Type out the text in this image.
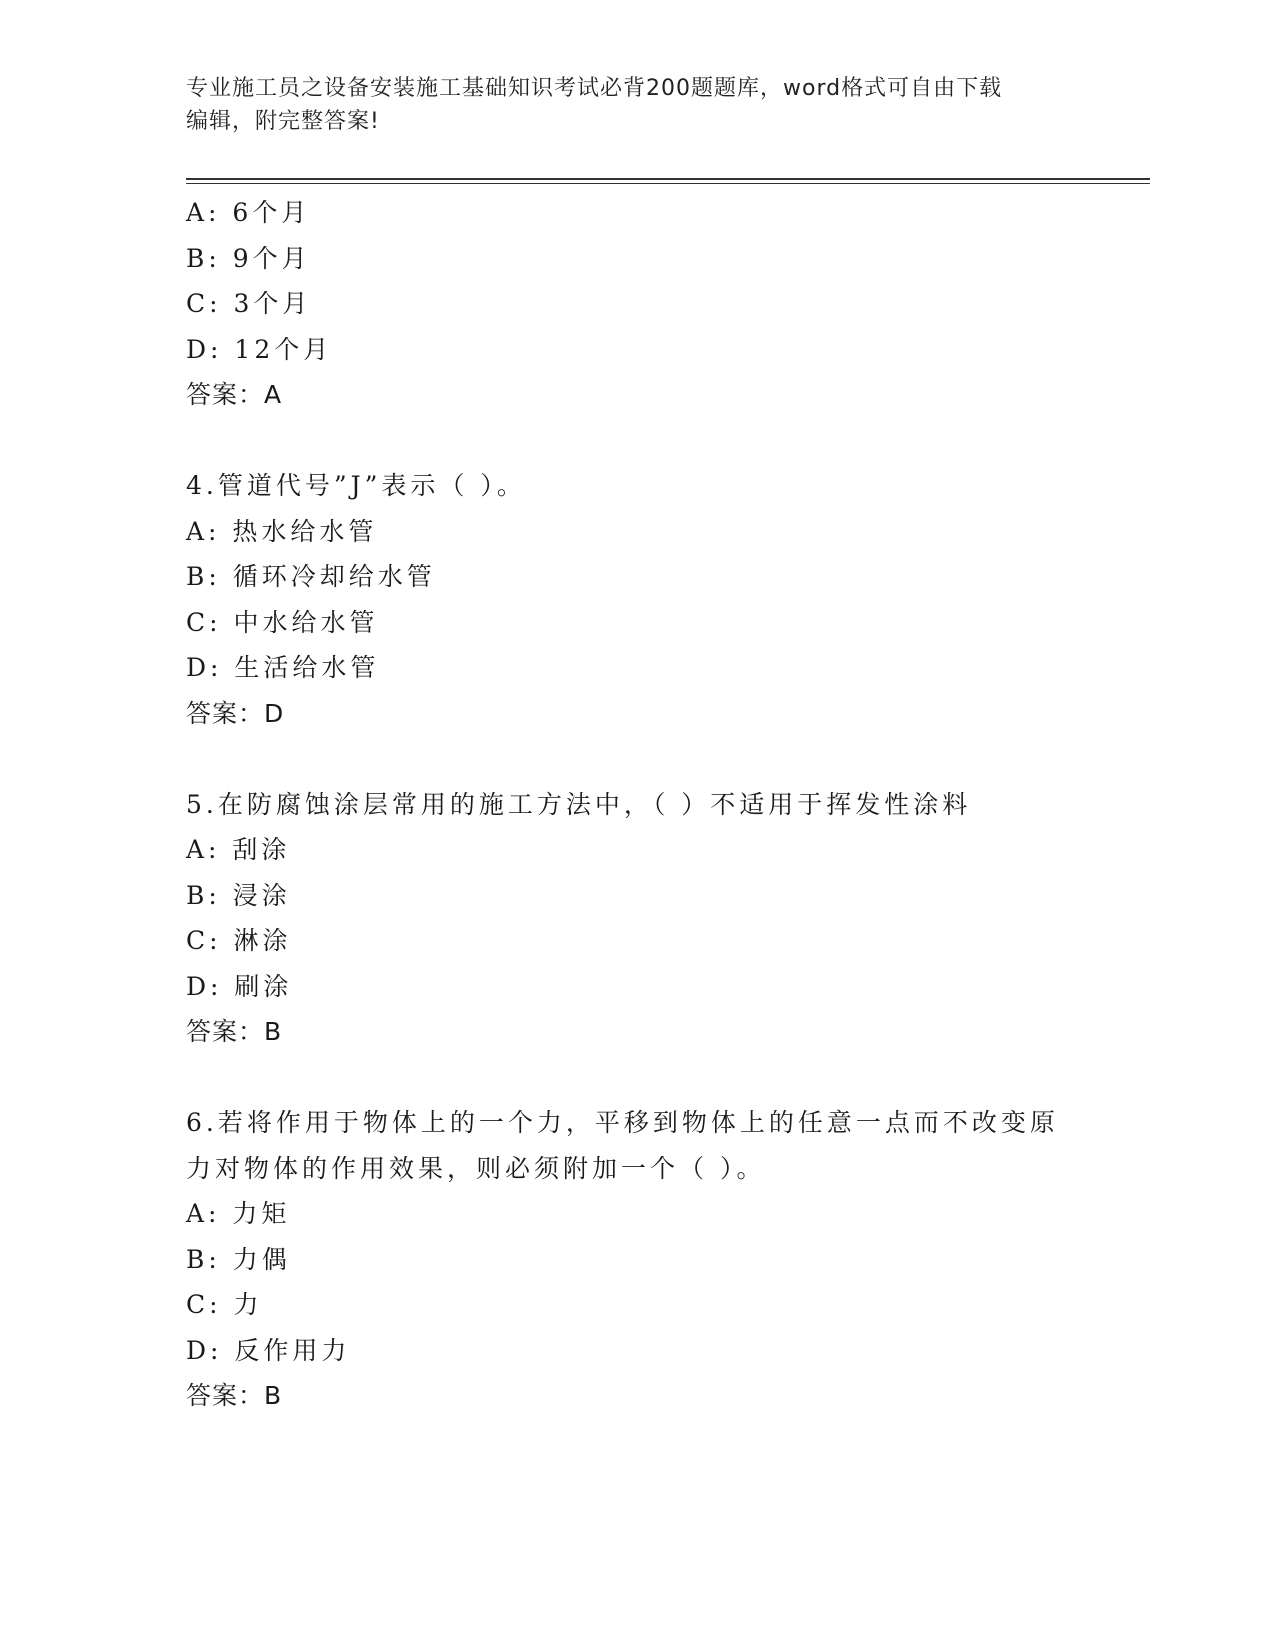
专业施工员之设备安装施工基础知识考试必背200题题库，word格式可自由下载
编辑，附完整答案!
A: 6个月
B: 9个月
C: 3个月
D: 12个月
答案：A
4.管道代号”J”表示（ ）。
A: 热水给水管
B: 循环冷却给水管
C: 中水给水管
D: 生活给水管
答案：D
5.在防腐蚀涂层常用的施工方法中，（ ）不适用于挥发性涂料
A: 刮涂
B: 浸涂
C: 淋涂
D: 刷涂
答案：B
6.若将作用于物体上的一个力，平移到物体上的任意一点而不改变原
力对物体的作用效果，则必须附加一个（ ）。
A: 力矩
B: 力偶
C: 力
D: 反作用力
答案：B
